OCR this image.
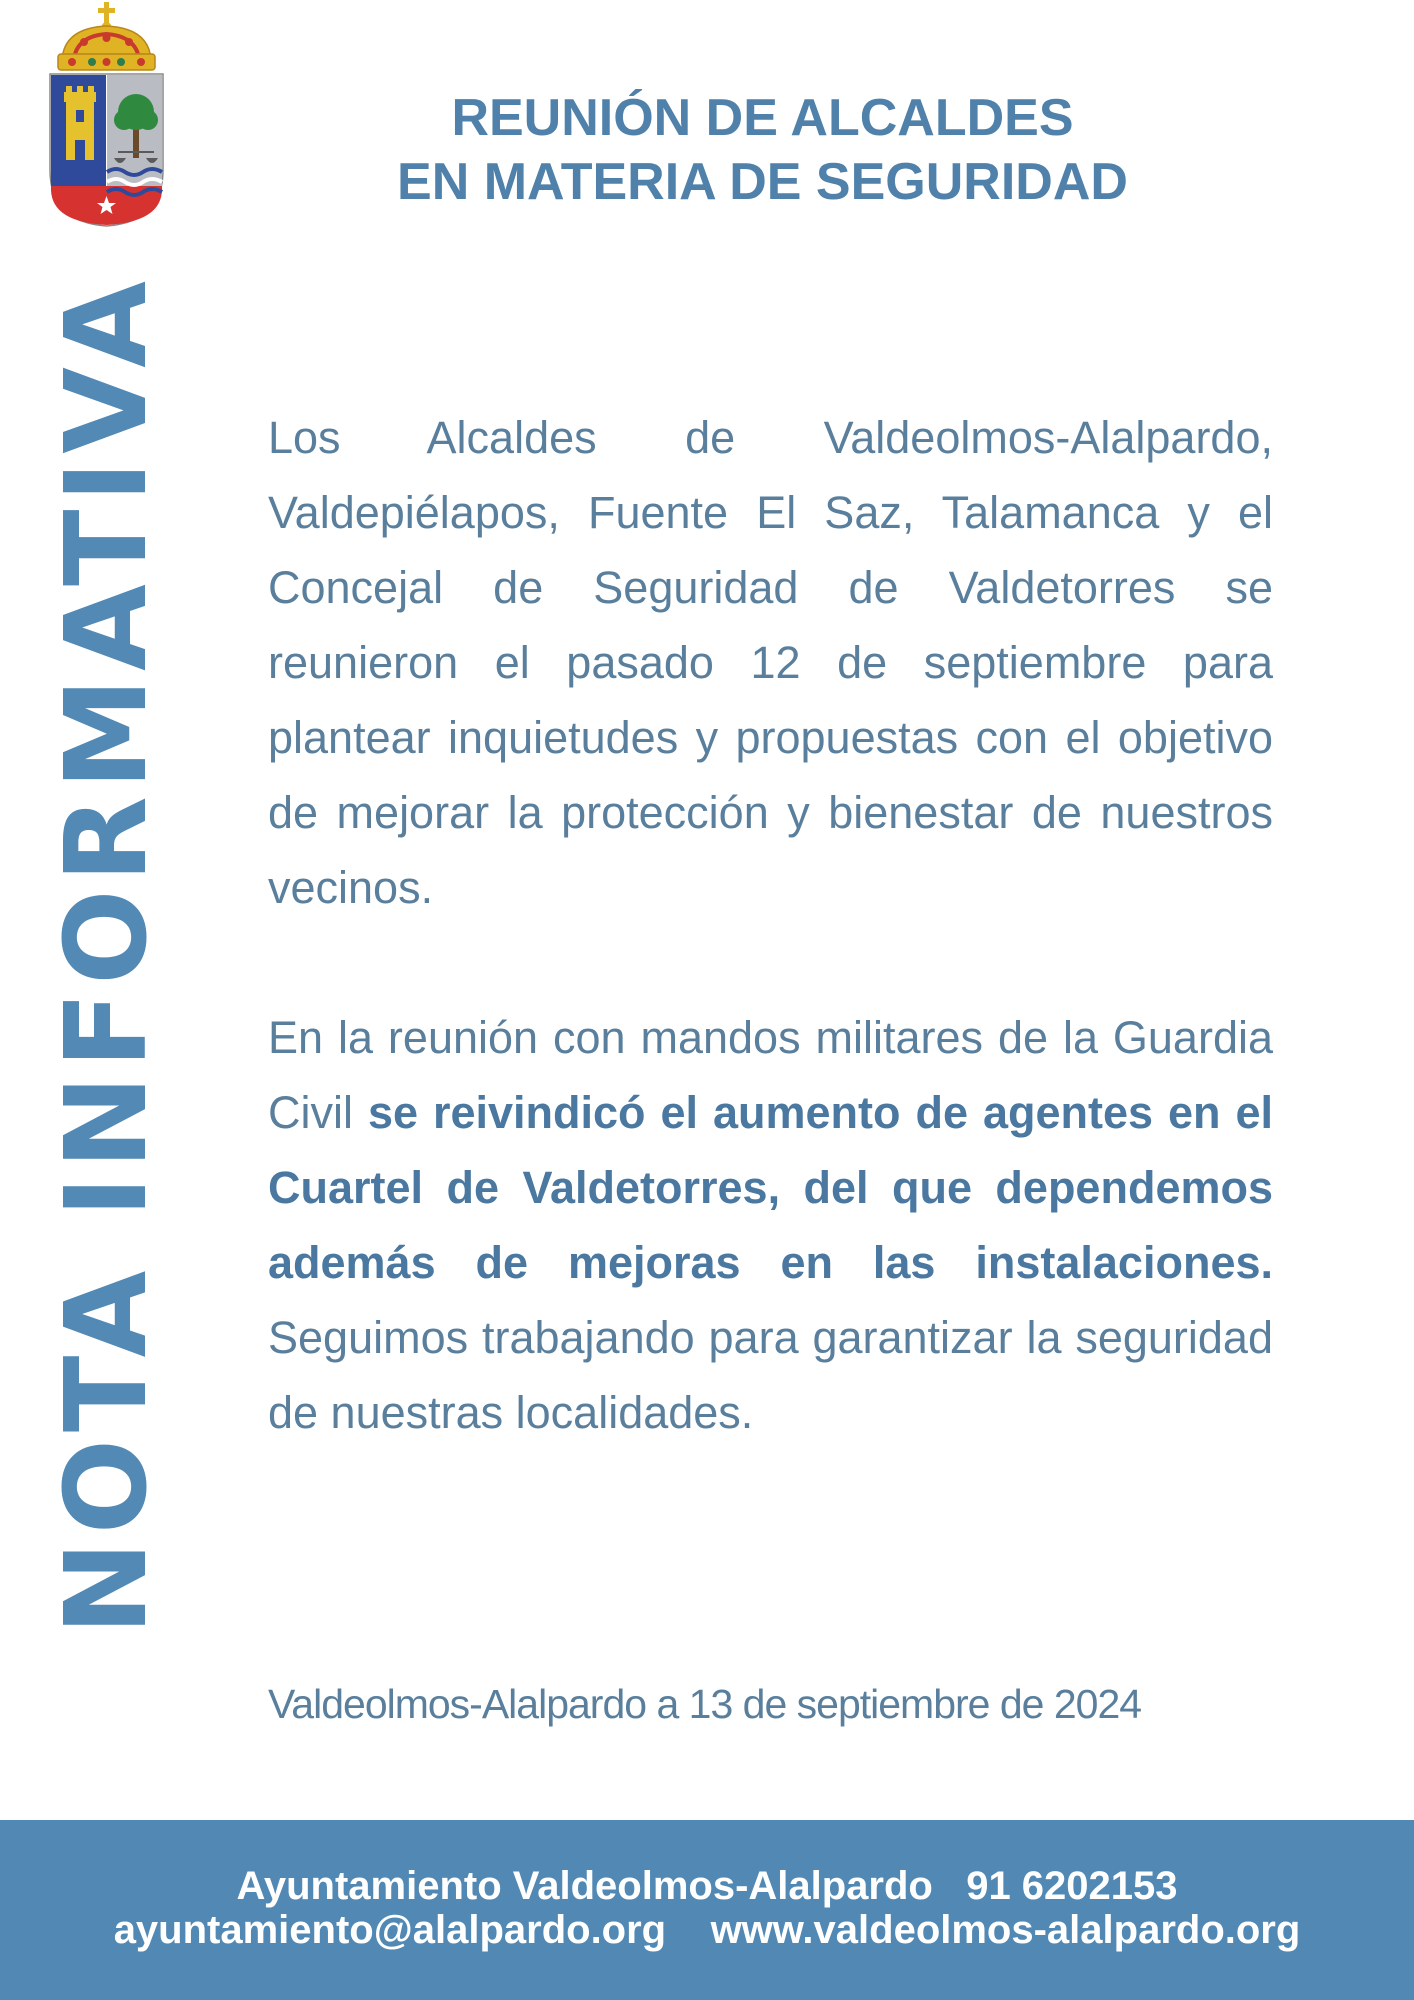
NOTA INFORMATIVA
REUNIÓN DE ALCALDES
EN MATERIA DE SEGURIDAD

Los Alcaldes de Valdeolmos-Alalpardo, Valdepiélapos, Fuente El Saz, Talamanca y el Concejal de Seguridad de Valdetorres se reunieron el pasado 12 de septiembre para plantear inquietudes y propuestas con el objetivo de mejorar la protección y bienestar de nuestros vecinos.

En la reunión con mandos militares de la Guardia Civil se reivindicó el aumento de agentes en el Cuartel de Valdetorres, del que dependemos además de mejoras en las instalaciones. Seguimos trabajando para garantizar la seguridad de nuestras localidades.

Valdeolmos-Alalpardo a 13 de septiembre de 2024
Ayuntamiento Valdeolmos-Alalpardo 91 6202153
ayuntamiento@alalpardo.org www.valdeolmos-alalpardo.org
